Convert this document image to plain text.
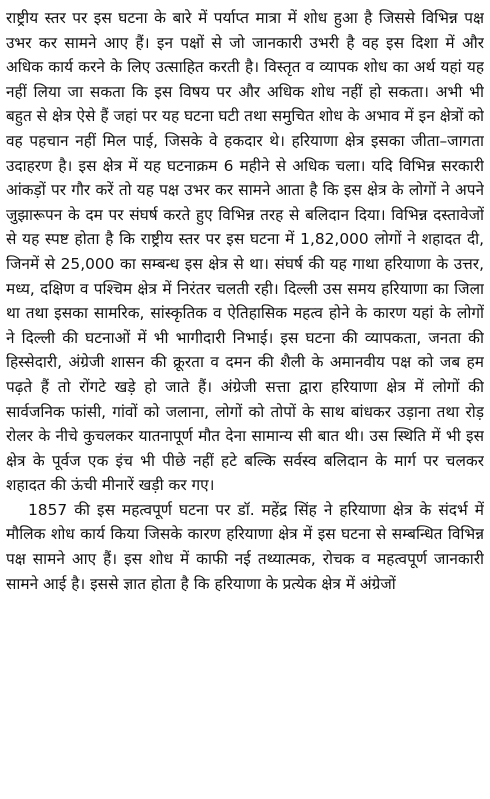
राष्ट्रीय स्तर पर इस घटना के बारे में पर्याप्त मात्रा में शोध हुआ है जिससे विभिन्न पक्ष उभर कर सामने आए हैं। इन पक्षों से जो जानकारी उभरी है वह इस दिशा में और अधिक कार्य करने के लिए उत्साहित करती है। विस्तृत व व्यापक शोध का अर्थ यहां यह नहीं लिया जा सकता कि इस विषय पर और अधिक शोध नहीं हो सकता। अभी भी बहुत से क्षेत्र ऐसे हैं जहां पर यह घटना घटी तथा समुचित शोध के अभाव में इन क्षेत्रों को वह पहचान नहीं मिल पाई, जिसके वे हकदार थे। हरियाणा क्षेत्र इसका जीता–जागता उदाहरण है। इस क्षेत्र में यह घटनाक्रम 6 महीने से अधिक चला। यदि विभिन्न सरकारी आंकड़ों पर गौर करें तो यह पक्ष उभर कर सामने आता है कि इस क्षेत्र के लोगों ने अपने जुझारूपन के दम पर संघर्ष करते हुए विभिन्न तरह से बलिदान दिया। विभिन्न दस्तावेजों से यह स्पष्ट होता है कि राष्ट्रीय स्तर पर इस घटना में 1,82,000 लोगों ने शहादत दी, जिनमें से 25,000 का सम्बन्ध इस क्षेत्र से था। संघर्ष की यह गाथा हरियाणा के उत्तर, मध्य, दक्षिण व पश्चिम क्षेत्र में निरंतर चलती रही। दिल्ली उस समय हरियाणा का जिला था तथा इसका सामरिक, सांस्कृतिक व ऐतिहासिक महत्व होने के कारण यहां के लोगों ने दिल्ली की घटनाओं में भी भागीदारी निभाई। इस घटना की व्यापकता, जनता की हिस्सेदारी, अंग्रेजी शासन की क्रूरता व दमन की शैली के अमानवीय पक्ष को जब हम पढ़ते हैं तो रोंगटे खड़े हो जाते हैं। अंग्रेजी सत्ता द्वारा हरियाणा क्षेत्र में लोगों की सार्वजनिक फांसी, गांवों को जलाना, लोगों को तोपों के साथ बांधकर उड़ाना तथा रोड़ रोलर के नीचे कुचलकर यातनापूर्ण मौत देना सामान्य सी बात थी। उस स्थिति में भी इस क्षेत्र के पूर्वज एक इंच भी पीछे नहीं हटे बल्कि सर्वस्व बलिदान के मार्ग पर चलकर शहादत की ऊंची मीनारें खड़ी कर गए।

1857 की इस महत्वपूर्ण घटना पर डॉ. महेंद्र सिंह ने हरियाणा क्षेत्र के संदर्भ में मौलिक शोध कार्य किया जिसके कारण हरियाणा क्षेत्र में इस घटना से सम्बन्धित विभिन्न पक्ष सामने आए हैं। इस शोध में काफी नई तथ्यात्मक, रोचक व महत्वपूर्ण जानकारी सामने आई है। इससे ज्ञात होता है कि हरियाणा के प्रत्येक क्षेत्र में अंग्रेजों
